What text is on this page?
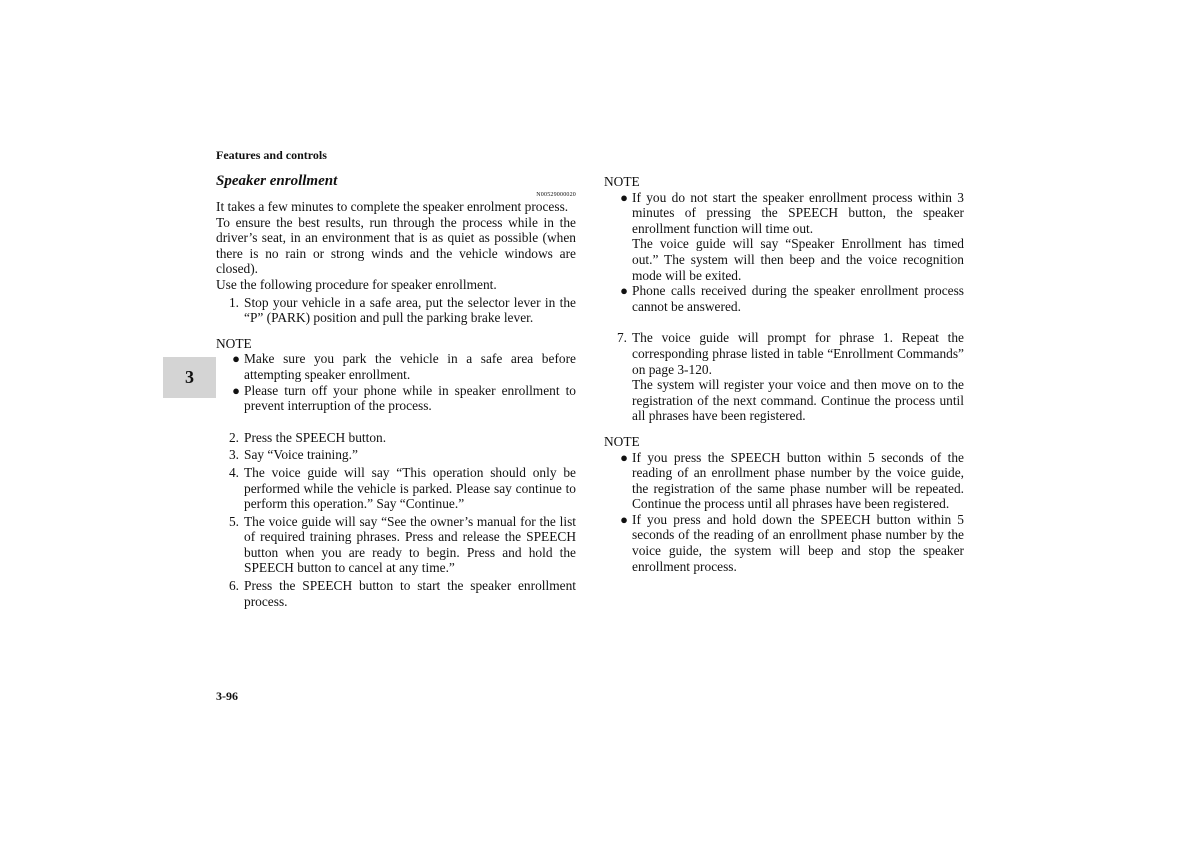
Features and controls
3
3-96
Speaker enrollment
N00529000020

It takes a few minutes to complete the speaker enrolment process.

To ensure the best results, run through the process while in the driver’s seat, in an environment that is as quiet as possible (when there is no rain or strong winds and the vehicle windows are closed).

Use the following procedure for speaker enrollment.

1. Stop your vehicle in a safe area, put the selector lever in the “P” (PARK) position and pull the parking brake lever.
NOTE
● Make sure you park the vehicle in a safe area before attempting speaker enrollment.
● Please turn off your phone while in speaker enrollment to prevent interruption of the process.
2. Press the SPEECH button.
3. Say “Voice training.”
4. The voice guide will say “This operation should only be performed while the vehicle is parked. Please say continue to perform this operation.” Say “Continue.”
5. The voice guide will say “See the owner’s manual for the list of required training phrases. Press and release the SPEECH button when you are ready to begin. Press and hold the SPEECH button to cancel at any time.”
6. Press the SPEECH button to start the speaker enrollment process.
NOTE
● If you do not start the speaker enrollment process within 3 minutes of pressing the SPEECH button, the speaker enrollment function will time out.
The voice guide will say “Speaker Enrollment has timed out.” The system will then beep and the voice recognition mode will be exited.
● Phone calls received during the speaker enrollment process cannot be answered.
7. The voice guide will prompt for phrase 1. Repeat the corresponding phrase listed in table “Enrollment Commands” on page 3-120.
The system will register your voice and then move on to the registration of the next command. Continue the process until all phrases have been registered.
NOTE
● If you press the SPEECH button within 5 seconds of the reading of an enrollment phase number by the voice guide, the registration of the same phase number will be repeated. Continue the process until all phrases have been registered.
● If you press and hold down the SPEECH button within 5 seconds of the reading of an enrollment phase number by the voice guide, the system will beep and stop the speaker enrollment process.
